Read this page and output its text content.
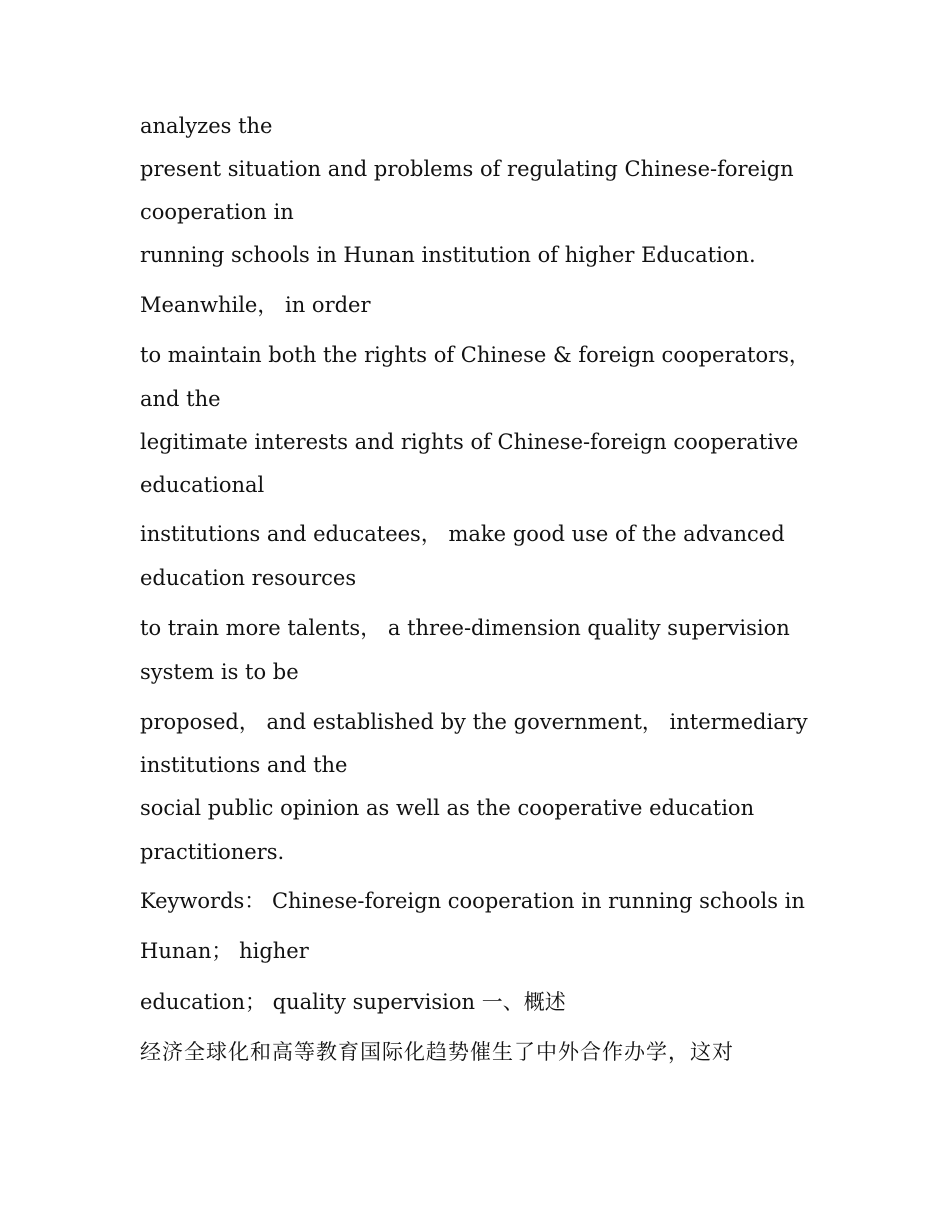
analyzes the
present situation and problems of regulating Chinese-foreign
cooperation in
running schools in Hunan institution of higher Education.
Meanwhile， in order
to maintain both the rights of Chinese & foreign cooperators，
and the
legitimate interests and rights of Chinese-foreign cooperative
educational
institutions and educatees， make good use of the advanced
education resources
to train more talents， a three-dimension quality supervision
system is to be
proposed， and established by the government， intermediary
institutions and the
social public opinion as well as the cooperative education
practitioners.
Keywords： Chinese-foreign cooperation in running schools in
Hunan； higher
education； quality supervision 一、概述
经济全球化和高等教育国际化趋势催生了中外合作办学，这对
